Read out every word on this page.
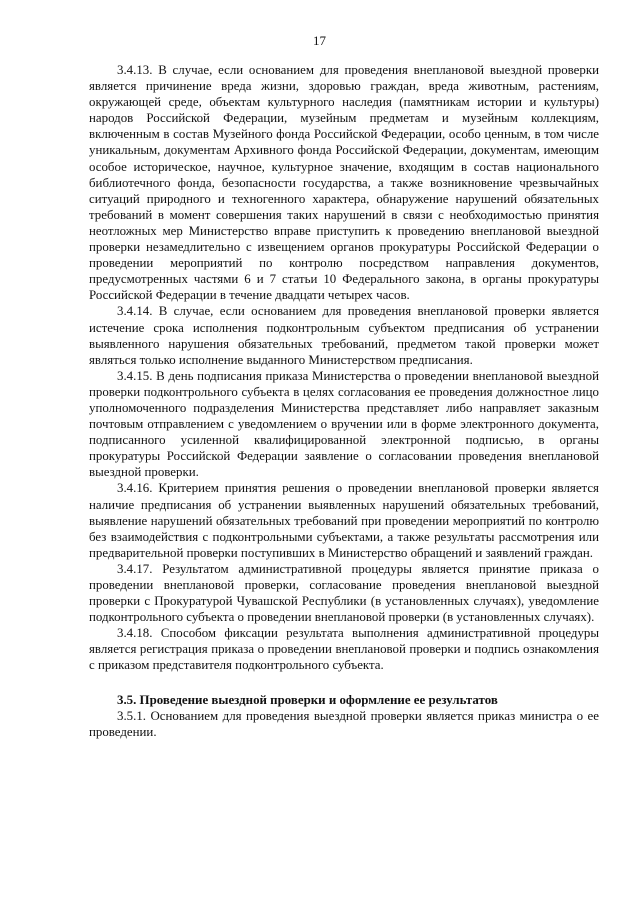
17

3.4.13. В случае, если основанием для проведения внеплановой выездной проверки является причинение вреда жизни, здоровью граждан, вреда животным, растениям, окружающей среде, объектам культурного наследия (памятникам истории и культуры) народов Российской Федерации, музейным предметам и музейным коллекциям, включенным в состав Музейного фонда Российской Федерации, особо ценным, в том числе уникальным, документам Архивного фонда Российской Федерации, документам, имеющим особое историческое, научное, культурное значение, входящим в состав национального библиотечного фонда, безопасности государства, а также возникновение чрезвычайных ситуаций природного и техногенного характера, обнаружение нарушений обязательных требований в момент совершения таких нарушений в связи с необходимостью принятия неотложных мер Министерство вправе приступить к проведению внеплановой выездной проверки незамедлительно с извещением органов прокуратуры Российской Федерации о проведении мероприятий по контролю посредством направления документов, предусмотренных частями 6 и 7 статьи 10 Федерального закона, в органы прокуратуры Российской Федерации в течение двадцати четырех часов.

3.4.14. В случае, если основанием для проведения внеплановой проверки является истечение срока исполнения подконтрольным субъектом предписания об устранении выявленного нарушения обязательных требований, предметом такой проверки может являться только исполнение выданного Министерством предписания.

3.4.15. В день подписания приказа Министерства о проведении внеплановой выездной проверки подконтрольного субъекта в целях согласования ее проведения должностное лицо уполномоченного подразделения Министерства представляет либо направляет заказным почтовым отправлением с уведомлением о вручении или в форме электронного документа, подписанного усиленной квалифицированной электронной подписью, в органы прокуратуры Российской Федерации заявление о согласовании проведения внеплановой выездной проверки.

3.4.16. Критерием принятия решения о проведении внеплановой проверки является наличие предписания об устранении выявленных нарушений обязательных требований, выявление нарушений обязательных требований при проведении мероприятий по контролю без взаимодействия с подконтрольными субъектами, а также результаты рассмотрения или предварительной проверки поступивших в Министерство обращений и заявлений граждан.

3.4.17. Результатом административной процедуры является принятие приказа о проведении внеплановой проверки, согласование проведения внеплановой выездной проверки с Прокуратурой Чувашской Республики (в установленных случаях), уведомление подконтрольного субъекта о проведении внеплановой проверки (в установленных случаях).

3.4.18. Способом фиксации результата выполнения административной процедуры является регистрация приказа о проведении внеплановой проверки и подпись ознакомления с приказом представителя подконтрольного субъекта.

3.5. Проведение выездной проверки и оформление ее результатов

3.5.1. Основанием для проведения выездной проверки является приказ министра о ее проведении.
